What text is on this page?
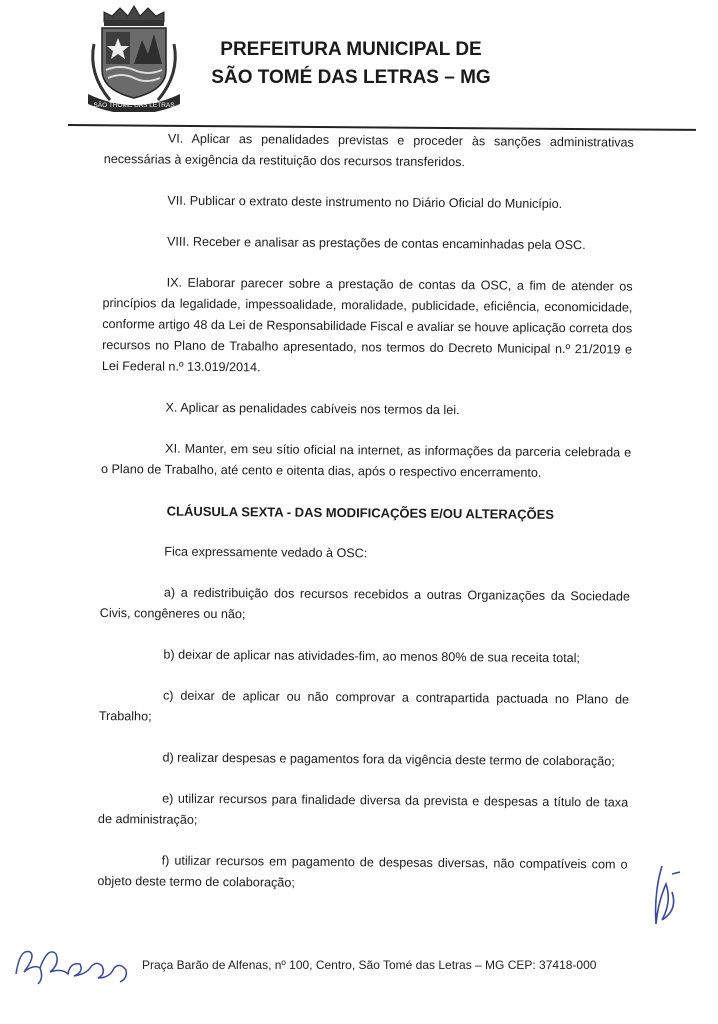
SÃO THOMÉ DAS LETRAS
PREFEITURA MUNICIPAL DE
SÃO TOMÉ DAS LETRAS – MG

VI. Aplicar as penalidades previstas e proceder às sanções administrativas necessárias à exigência da restituição dos recursos transferidos.

VII. Publicar o extrato deste instrumento no Diário Oficial do Município.

VIII. Receber e analisar as prestações de contas encaminhadas pela OSC.

IX. Elaborar parecer sobre a prestação de contas da OSC, a fim de atender os princípios da legalidade, impessoalidade, moralidade, publicidade, eficiência, economicidade, conforme artigo 48 da Lei de Responsabilidade Fiscal e avaliar se houve aplicação correta dos recursos no Plano de Trabalho apresentado, nos termos do Decreto Municipal n.º 21/2019 e Lei Federal n.º 13.019/2014.

X. Aplicar as penalidades cabíveis nos termos da lei.

XI. Manter, em seu sítio oficial na internet, as informações da parceria celebrada e o Plano de Trabalho, até cento e oitenta dias, após o respectivo encerramento.

CLÁUSULA SEXTA - DAS MODIFICAÇÕES E/OU ALTERAÇÕES

Fica expressamente vedado à OSC:

a) a redistribuição dos recursos recebidos a outras Organizações da Sociedade Civis, congêneres ou não;

b) deixar de aplicar nas atividades-fim, ao menos 80% de sua receita total;

c) deixar de aplicar ou não comprovar a contrapartida pactuada no Plano de Trabalho;

d) realizar despesas e pagamentos fora da vigência deste termo de colaboração;

e) utilizar recursos para finalidade diversa da prevista e despesas a título de taxa de administração;

f) utilizar recursos em pagamento de despesas diversas, não compatíveis com o objeto deste termo de colaboração;

Praça Barão de Alfenas, nº 100, Centro, São Tomé das Letras – MG CEP: 37418-000
